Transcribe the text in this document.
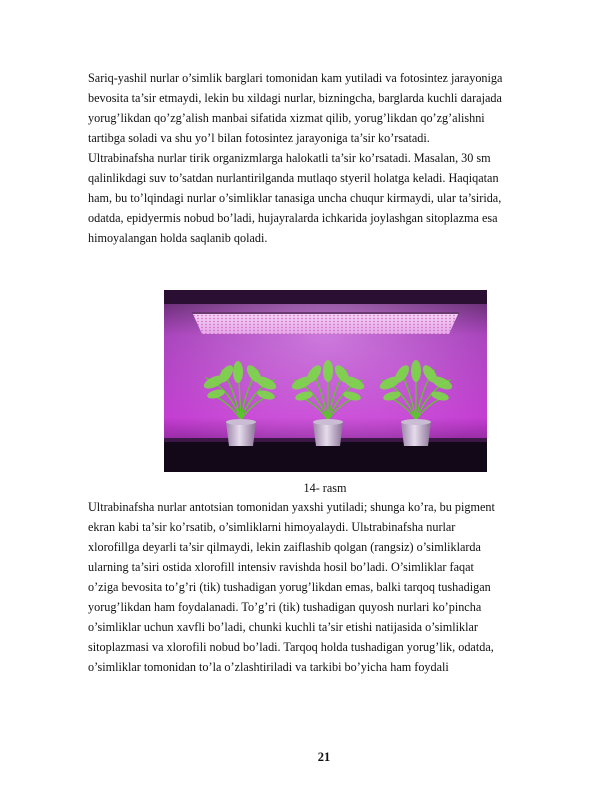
Sariq-yashil nurlar o’simlik barglari tomonidan kam yutiladi va fotosintez jarayoniga
bevosita ta’sir etmaydi, lekin bu xildagi nurlar, bizningcha, barglarda kuchli darajada
yorug’likdan qo’zg’alish manbai sifatida xizmat qilib, yorug’likdan qo’zg’alishni
tartibga soladi va shu yo’l bilan fotosintez jarayoniga ta’sir ko’rsatadi.
Ultrabinafsha nurlar tirik organizmlarga halokatli ta’sir ko’rsatadi. Masalan, 30 sm
qalinlikdagi suv to’satdan nurlantirilganda mutlaqo styeril holatga keladi. Haqiqatan
ham, bu to’lqindagi nurlar o’simliklar tanasiga uncha chuqur kirmaydi, ular ta’sirida,
odatda, epidyermis nobud bo’ladi, hujayralarda ichkarida joylashgan sitoplazma esa
himoyalangan holda saqlanib qoladi.
14- rasm
Ultrabinafsha nurlar antotsian tomonidan yaxshi yutiladi; shunga ko’ra, bu pigment
ekran kabi ta’sir ko’rsatib, o’simliklarni himoyalaydi. Ulьtrabinafsha nurlar
xlorofillga deyarli ta’sir qilmaydi, lekin zaiflashib qolgan (rangsiz) o’simliklarda
ularning ta’siri ostida xlorofill intensiv ravishda hosil bo’ladi. O’simliklar faqat
o’ziga bevosita to’g’ri (tik) tushadigan yorug’likdan emas, balki tarqoq tushadigan
yorug’likdan ham foydalanadi. To’g’ri (tik) tushadigan quyosh nurlari ko’pincha
o’simliklar uchun xavfli bo’ladi, chunki kuchli ta’sir etishi natijasida o’simliklar
sitoplazmasi va xlorofili nobud bo’ladi. Tarqoq holda tushadigan yorug’lik, odatda,
o’simliklar tomonidan to’la o’zlashtiriladi va tarkibi bo’yicha ham foydali
21
